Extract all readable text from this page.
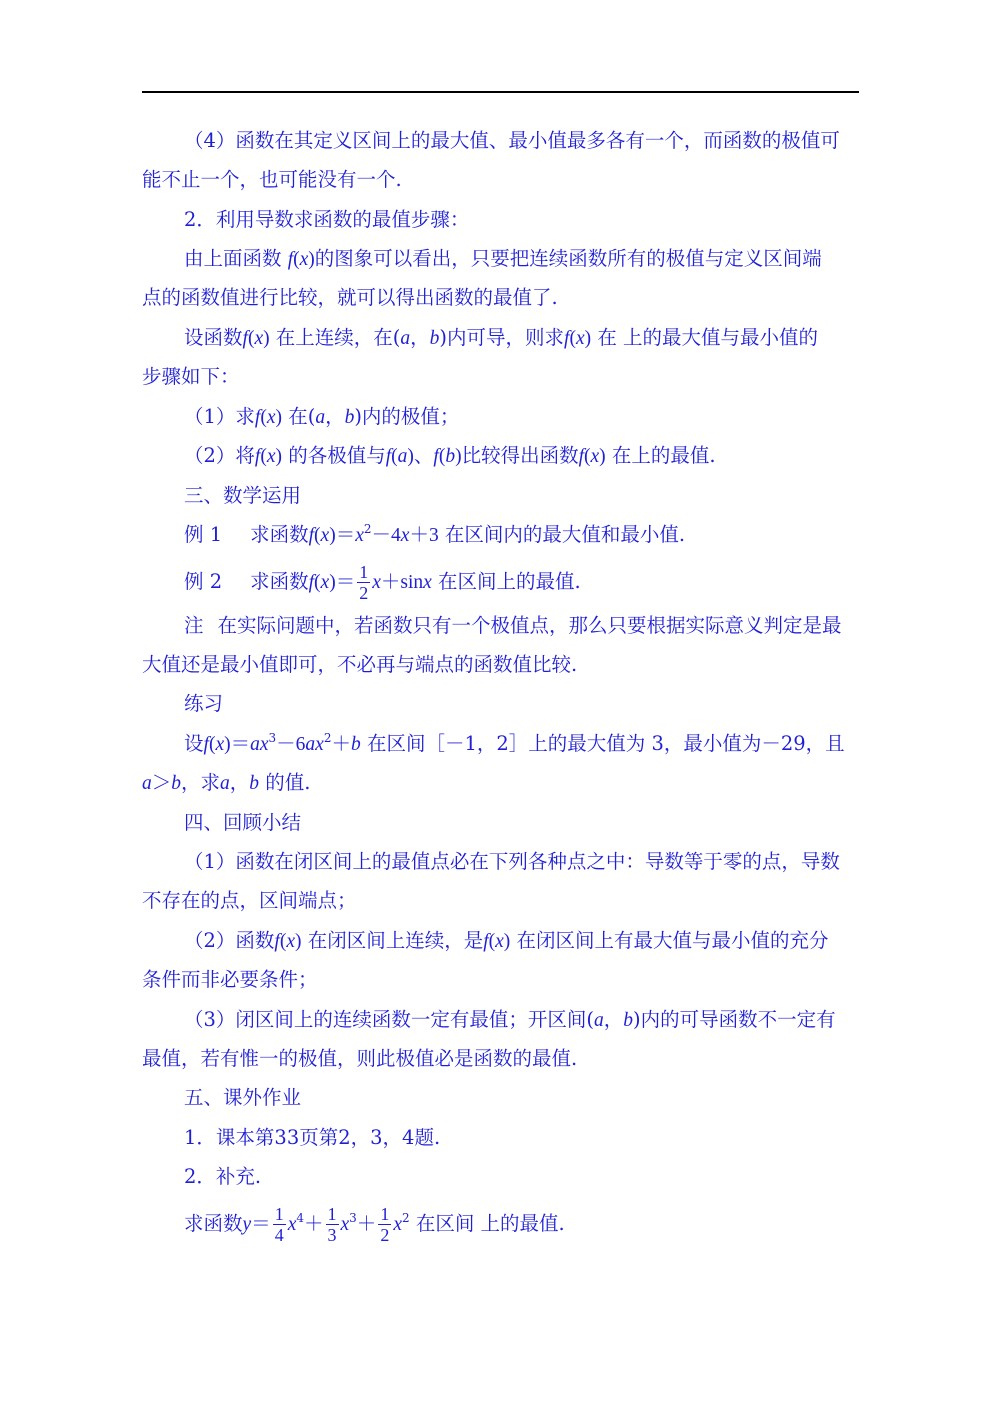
（4）函数在其定义区间上的最大值、最小值最多各有一个，而函数的极值可
能不止一个，也可能没有一个.
2．利用导数求函数的最值步骤：
由上面函数 f(x)的图象可以看出，只要把连续函数所有的极值与定义区间端
点的函数值进行比较，就可以得出函数的最值了.
设函数f(x) 在上连续，在(a，b)内可导，则求f(x) 在 上的最大值与最小值的
步骤如下：
（1）求f(x) 在(a，b)内的极值；
（2）将f(x) 的各极值与f(a)、f(b)比较得出函数f(x) 在上的最值.
三、数学运用
例 1 求函数$f(x)=x^2-4x+3$ 在区间内的最大值和最小值.
例 2 求函数$f(x)= \frac{1}{2} x+\sin x$ 在区间上的最值.
注 在实际问题中，若函数只有一个极值点，那么只要根据实际意义判定是最
大值还是最小值即可，不必再与端点的函数值比较.
练习
设$f(x)=ax^3-6ax^2+b$ 在区间［－1，2］上的最大值为 3，最小值为－29，且
a＞b，求a，b 的值.
四、回顾小结
（1）函数在闭区间上的最值点必在下列各种点之中：导数等于零的点，导数
不存在的点，区间端点；
（2）函数f(x) 在闭区间上连续，是f(x) 在闭区间上有最大值与最小值的充分
条件而非必要条件；
（3）闭区间上的连续函数一定有最值；开区间(a，b)内的可导函数不一定有
最值，若有惟一的极值，则此极值必是函数的最值.
五、课外作业
1．课本第33页第2，3，4题.
2．补充.
求函数$y= \frac{1}{4} x^4+ \frac{1}{3} x^3+ \frac{1}{2} x^2$ 在区间 上的最值.
